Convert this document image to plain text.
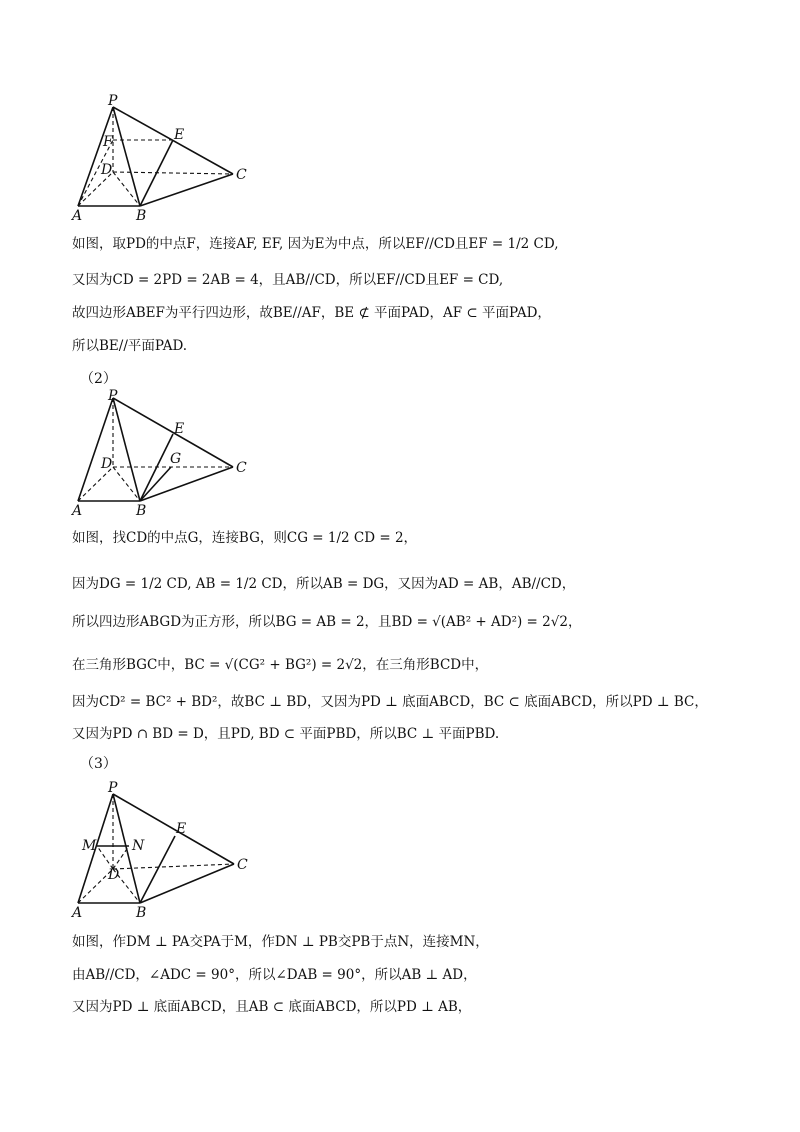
P
E
F
D	C
A	B
如图，取PD的中点F，连接AF, EF, 因为E为中点，所以EF//CD且EF = 1/2 CD,
又因为CD = 2PD = 2AB = 4，且AB//CD，所以EF//CD且EF = CD,
故四边形ABEF为平行四边形，故BE//AF，BE ⊄ 平面PAD，AF ⊂ 平面PAD，
所以BE//平面PAD.
（2）
P
E
G
D	C
A	B
如图，找CD的中点G，连接BG，则CG = 1/2 CD = 2，
因为DG = 1/2 CD, AB = 1/2 CD，所以AB = DG，又因为AD = AB，AB//CD，
所以四边形ABGD为正方形，所以BG = AB = 2，且BD = √(AB² + AD²) = 2√2，
在三角形BGC中，BC = √(CG² + BG²) = 2√2，在三角形BCD中，
因为CD² = BC² + BD²，故BC ⊥ BD，又因为PD ⊥ 底面ABCD，BC ⊂ 底面ABCD，所以PD ⊥ BC，
又因为PD ∩ BD = D，且PD, BD ⊂ 平面PBD，所以BC ⊥ 平面PBD.
（3）
P
E
M	N
D
C
A	B
如图，作DM ⊥ PA交PA于M，作DN ⊥ PB交PB于点N，连接MN，
由AB//CD，∠ADC = 90°，所以∠DAB = 90°，所以AB ⊥ AD，
又因为PD ⊥ 底面ABCD，且AB ⊂ 底面ABCD，所以PD ⊥ AB，
